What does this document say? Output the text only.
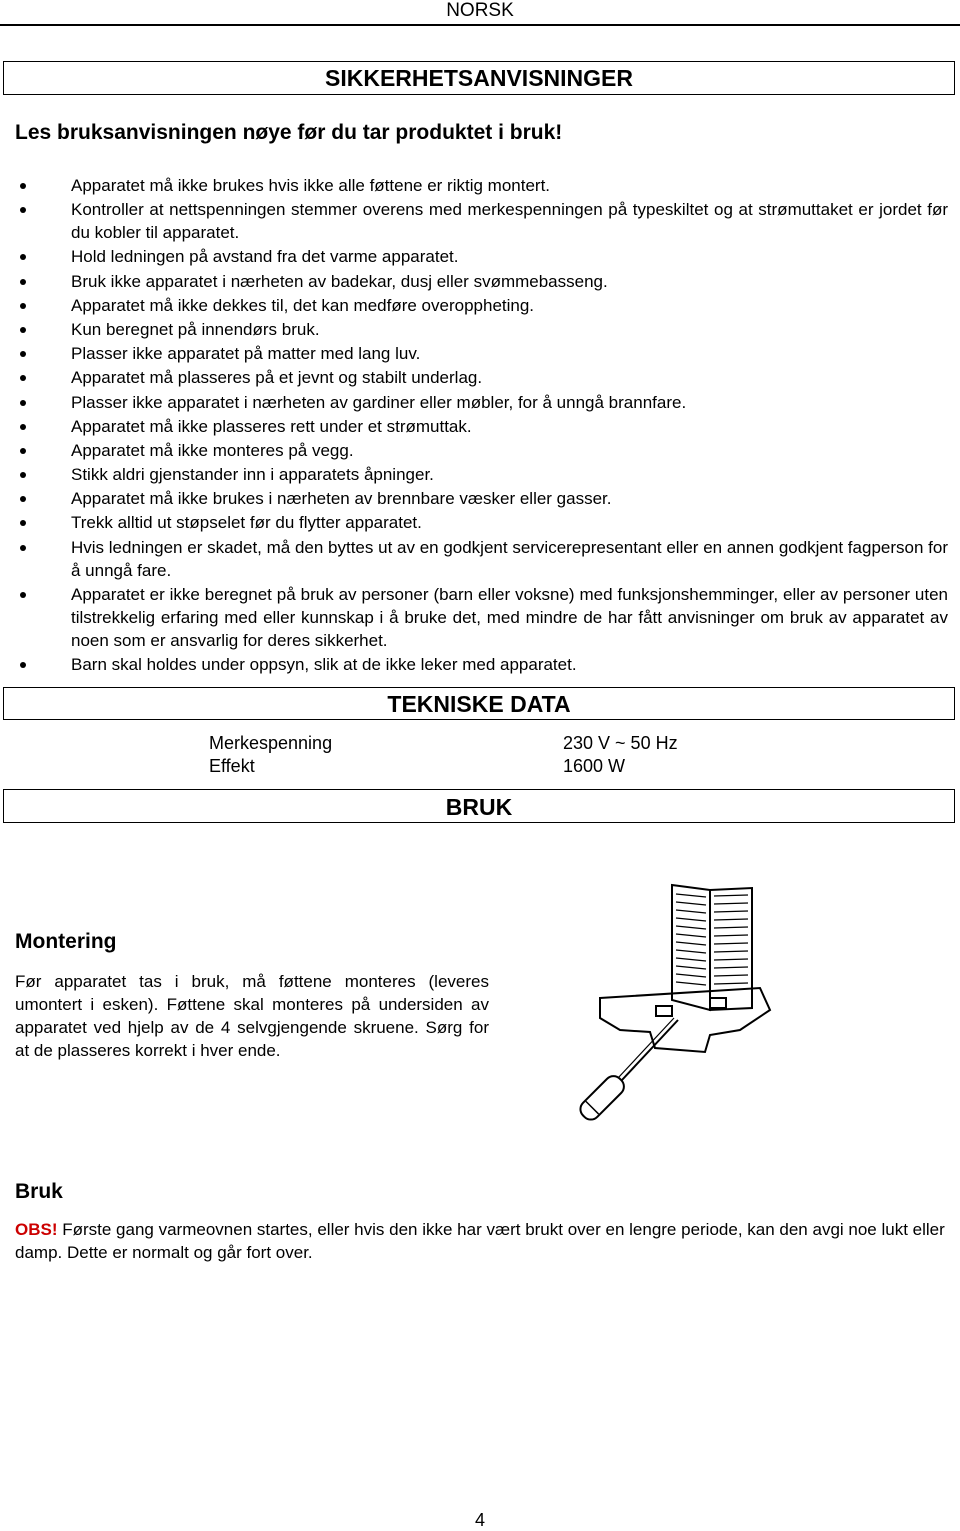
NORSK
SIKKERHETSANVISNINGER
Les bruksanvisningen nøye før du tar produktet i bruk!
Apparatet må ikke brukes hvis ikke alle føttene er riktig montert.
Kontroller at nettspenningen stemmer overens med merkespenningen på typeskiltet og at strømuttaket er jordet før du kobler til apparatet.
Hold ledningen på avstand fra det varme apparatet.
Bruk ikke apparatet i nærheten av badekar, dusj eller svømmebasseng.
Apparatet må ikke dekkes til, det kan medføre overoppheting.
Kun beregnet på innendørs bruk.
Plasser ikke apparatet på matter med lang luv.
Apparatet må plasseres på et jevnt og stabilt underlag.
Plasser ikke apparatet i nærheten av gardiner eller møbler, for å unngå brannfare.
Apparatet må ikke plasseres rett under et strømuttak.
Apparatet må ikke monteres på vegg.
Stikk aldri gjenstander inn i apparatets åpninger.
Apparatet må ikke brukes i nærheten av brennbare væsker eller gasser.
Trekk alltid ut støpselet før du flytter apparatet.
Hvis ledningen er skadet, må den byttes ut av en godkjent servicerepresentant eller en annen godkjent fagperson for å unngå fare.
Apparatet er ikke beregnet på bruk av personer (barn eller voksne) med funksjonshemminger, eller av personer uten tilstrekkelig erfaring med eller kunnskap i å bruke det, med mindre de har fått anvisninger om bruk av apparatet av noen som er ansvarlig for deres sikkerhet.
Barn skal holdes under oppsyn, slik at de ikke leker med apparatet.
TEKNISKE DATA
Merkespenning	230 V ~ 50 Hz
Effekt	1600 W
BRUK
Montering
Før apparatet tas i bruk, må føttene monteres (leveres umontert i esken). Føttene skal monteres på undersiden av apparatet ved hjelp av de 4 selvgjengende skruene. Sørg for at de plasseres korrekt i hver ende.
Bruk
OBS! Første gang varmeovnen startes, eller hvis den ikke har vært brukt over en lengre periode, kan den avgi noe lukt eller damp. Dette er normalt og går fort over.
4
